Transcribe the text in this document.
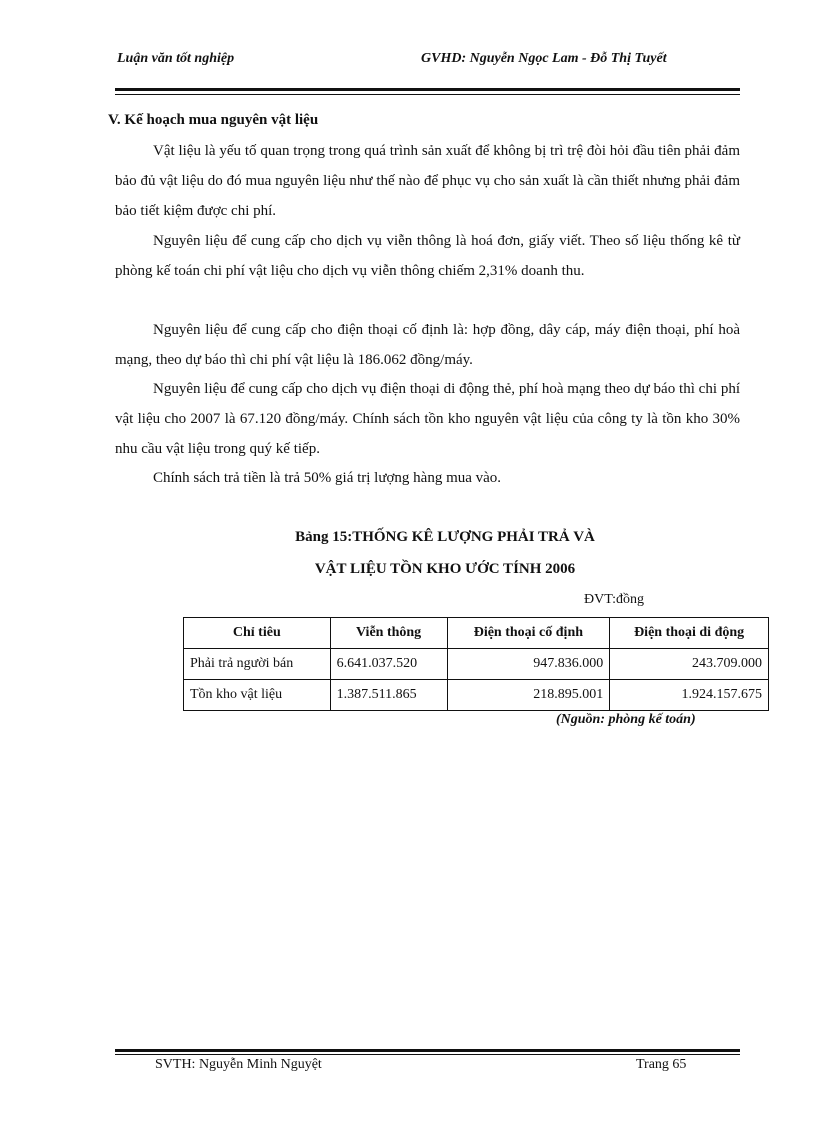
Luận văn tốt nghiệp	GVHD: Nguyễn Ngọc Lam - Đỗ Thị Tuyết
V. Kế hoạch mua nguyên vật liệu
Vật liệu là yếu tố quan trọng trong quá trình sản xuất để không bị trì trệ đòi hỏi đầu tiên phải đảm bảo đủ vật liệu do đó mua nguyên liệu như thế nào để phục vụ cho sản xuất là cần thiết nhưng phải đảm bảo tiết kiệm được chi phí.
Nguyên liệu để cung cấp cho dịch vụ viễn thông là hoá đơn, giấy viết. Theo số liệu thống kê từ phòng kế toán chi phí vật liệu cho dịch vụ viễn thông chiếm 2,31% doanh thu.
Nguyên liệu để cung cấp cho điện thoại cố định là: hợp đồng, dây cáp, máy điện thoại, phí hoà mạng, theo dự báo thì chi phí vật liệu là 186.062 đồng/máy.
Nguyên liệu để cung cấp cho dịch vụ điện thoại di động thẻ, phí hoà mạng theo dự báo thì chi phí vật liệu cho 2007 là 67.120 đồng/máy. Chính sách tồn kho nguyên vật liệu của công ty là tồn kho 30% nhu cầu vật liệu trong quý kế tiếp.
Chính sách trả tiền là trả 50% giá trị lượng hàng mua vào.
Bảng 15:THỐNG KÊ LƯỢNG PHẢI TRẢ VÀ
VẬT LIỆU TỒN KHO ƯỚC TÍNH 2006
ĐVT:đồng
Chỉ tiêu	Viễn thông	Điện thoại cố định	Điện thoại di động
Phải trả người bán	6.641.037.520	947.836.000	243.709.000
Tồn kho vật liệu	1.387.511.865	218.895.001	1.924.157.675
(Nguồn: phòng kế toán)
SVTH: Nguyễn Minh Nguyệt	Trang 65
